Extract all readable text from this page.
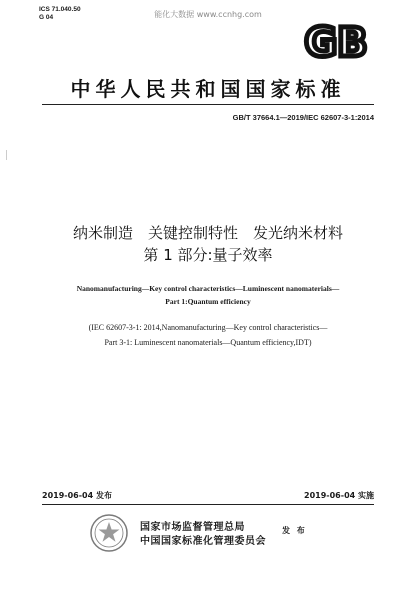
ICS 71.040.50
G 04	能化大数据 www.ccnhg.com
GB
中华人民共和国国家标准
GB/T 37664.1—2019/IEC 62607-3-1:2014
纳米制造　关键控制特性　发光纳米材料
第 1 部分:量子效率
Nanomanufacturing—Key control characteristics—Luminescent nanomaterials—
Part 1:Quantum efficiency
(IEC 62607-3-1: 2014,Nanomanufacturing—Key control characteristics—
Part 3-1: Luminescent nanomaterials—Quantum efficiency,IDT)
2019-06-04 发布	2019-06-04 实施
国家市场监督管理总局
中国国家标准化管理委员会
发 布
